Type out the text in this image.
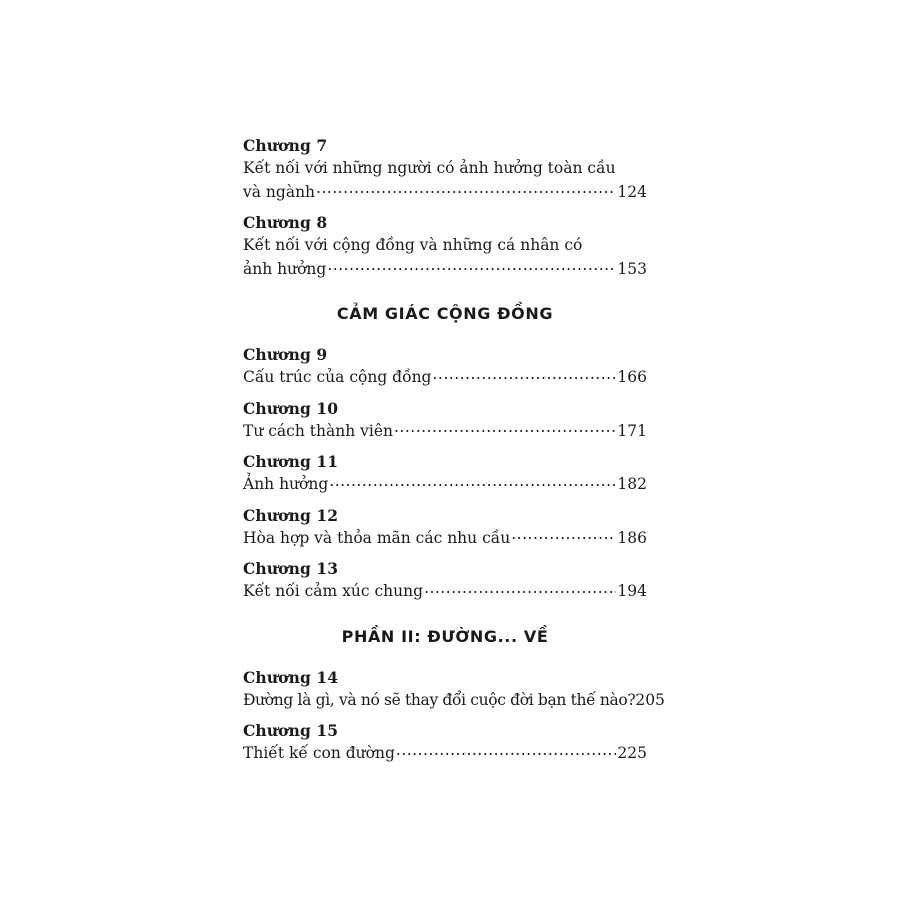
Chương 7
Kết nối với những người có ảnh hưởng toàn cầu
và ngành .....	124
Chương 8
Kết nối với cộng đồng và những cá nhân có
ảnh hưởng .....	153
CẢM GIÁC CỘNG ĐỒNG
Chương 9
Cấu trúc của cộng đồng .....	166
Chương 10
Tư cách thành viên .....	171
Chương 11
Ảnh hưởng .....	182
Chương 12
Hòa hợp và thỏa mãn các nhu cầu .....	186
Chương 13
Kết nối cảm xúc chung .....	194
PHẦN II: ĐƯỜNG... VỀ
Chương 14
Đường là gì, và nó sẽ thay đổi cuộc đời bạn thế nào? 205
Chương 15
Thiết kế con đường .....	225
